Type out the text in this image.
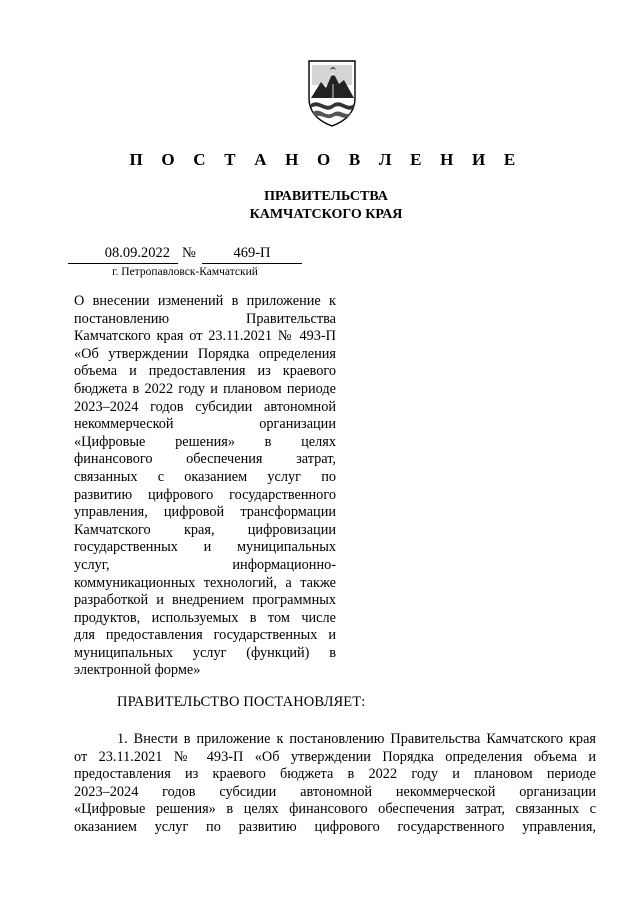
П О С Т А Н О В Л Е Н И Е
ПРАВИТЕЛЬСТВА
КАМЧАТСКОГО КРАЯ
08.09.2022 №	469-П
г. Петропавловск-Камчатский
О внесении изменений в приложение к
постановлению Правительства
Камчатского края от 23.11.2021 № 493-П
«Об утверждении Порядка определения
объема и предоставления из краевого
бюджета в 2022 году и плановом периоде
2023–2024 годов субсидии автономной
некоммерческой организации
«Цифровые решения» в целях
финансового обеспечения затрат,
связанных с оказанием услуг по
развитию цифрового государственного
управления, цифровой трансформации
Камчатского края, цифровизации
государственных и муниципальных
услуг, информационно-
коммуникационных технологий, а также
разработкой и внедрением программных
продуктов, используемых в том числе
для предоставления государственных и
муниципальных услуг (функций) в
электронной форме»
ПРАВИТЕЛЬСТВО ПОСТАНОВЛЯЕТ:
1. Внести в приложение к постановлению Правительства Камчатского края
от 23.11.2021 № 493-П «Об утверждении Порядка определения объема и
предоставления из краевого бюджета в 2022 году и плановом периоде
2023–2024 годов субсидии автономной некоммерческой организации
«Цифровые решения» в целях финансового обеспечения затрат, связанных с
оказанием услуг по развитию цифрового государственного управления,
